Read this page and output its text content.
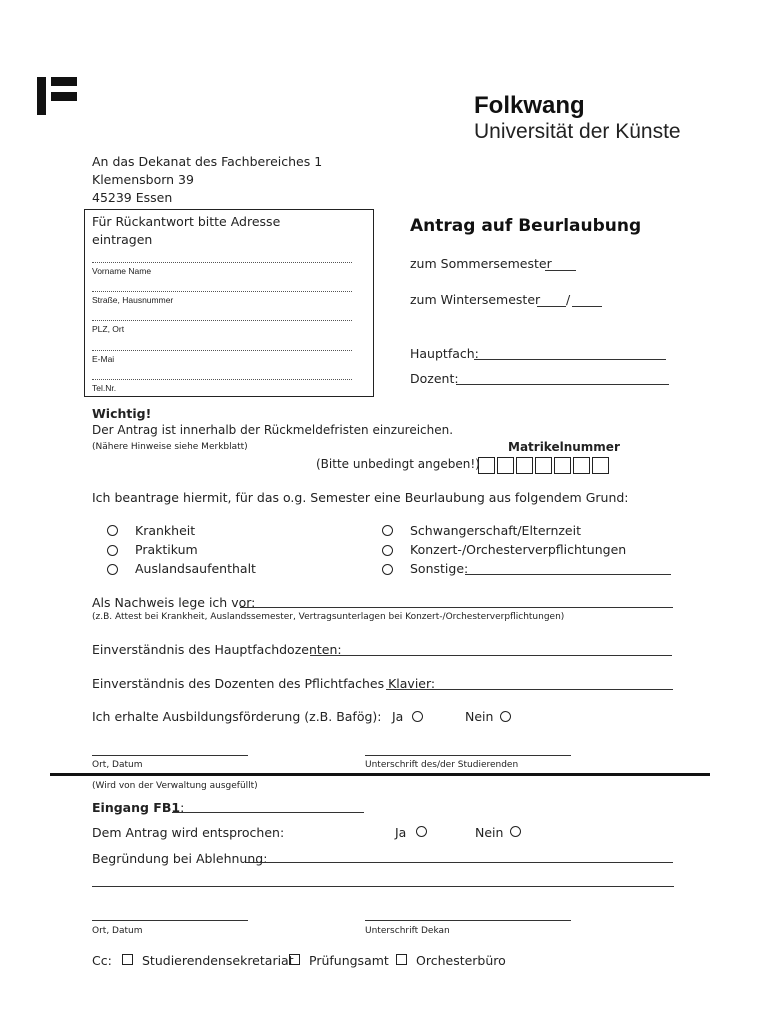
Folkwang
Universität der Künste
An das Dekanat des Fachbereiches 1
Klemensborn 39
45239 Essen
Für Rückantwort bitte Adresse
eintragen
Vorname Name
Straße, Hausnummer
PLZ, Ort
E-Mai
Tel.Nr.
Antrag auf Beurlaubung
zum Sommersemester
zum Wintersemester /
Hauptfach:
Dozent:
Wichtig!
Der Antrag ist innerhalb der Rückmeldefristen einzureichen.
(Nähere Hinweise siehe Merkblatt)	Matrikelnummer
(Bitte unbedingt angeben!)
Ich beantrage hiermit, für das o.g. Semester eine Beurlaubung aus folgendem Grund:
Krankheit
Praktikum
Auslandsaufenthalt
Schwangerschaft/Elternzeit
Konzert-/Orchesterverpflichtungen
Sonstige:
Als Nachweis lege ich vor:
(z.B. Attest bei Krankheit, Auslandssemester, Vertragsunterlagen bei Konzert-/Orchesterverpflichtungen)
Einverständnis des Hauptfachdozenten:
Einverständnis des Dozenten des Pflichtfaches Klavier:
Ich erhalte Ausbildungsförderung (z.B. Bafög): Ja	Nein
Ort, Datum	Unterschrift des/der Studierenden
(Wird von der Verwaltung ausgefüllt)
Eingang FB1:
Dem Antrag wird entsprochen:	Ja	Nein
Begründung bei Ablehnung:
Ort, Datum	Unterschrift Dekan
Cc: Studierendensekretariat Prüfungsamt Orchesterbüro
